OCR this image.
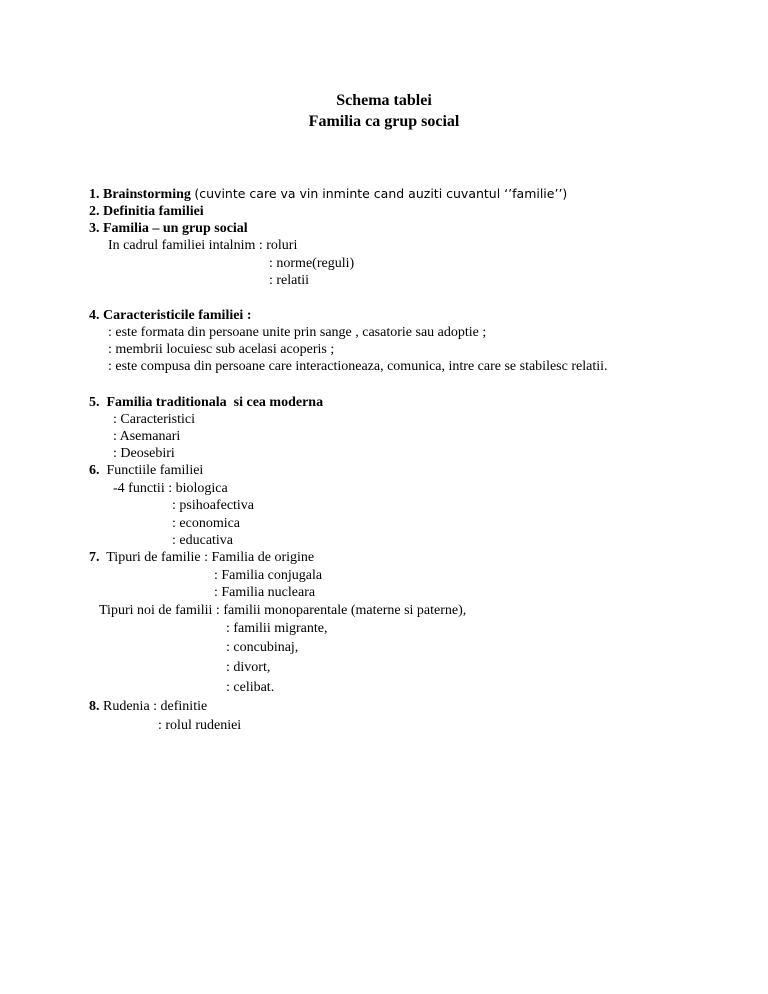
Schema tablei
Familia ca grup social
1. Brainstorming (cuvinte care va vin inminte cand auziti cuvantul ‘’familie’’)
2. Definitia familiei
3. Familia – un grup social
In cadrul familiei intalnim : roluri
: norme(reguli)
: relatii
4. Caracteristicile familiei :
: este formata din persoane unite prin sange , casatorie sau adoptie ;
: membrii locuiesc sub acelasi acoperis ;
: este compusa din persoane care interactioneaza, comunica, intre care se stabilesc relatii.
5. Familia traditionala  si cea moderna
: Caracteristici
: Asemanari
: Deosebiri
6. Functiile familiei
-4 functii : biologica
: psihoafectiva
: economica
: educativa
7. Tipuri de familie : Familia de origine
: Familia conjugala
: Familia nucleara
Tipuri noi de familii : familii monoparentale (materne si paterne),
: familii migrante,
: concubinaj,
: divort,
: celibat.
8. Rudenia : definitie
: rolul rudeniei
